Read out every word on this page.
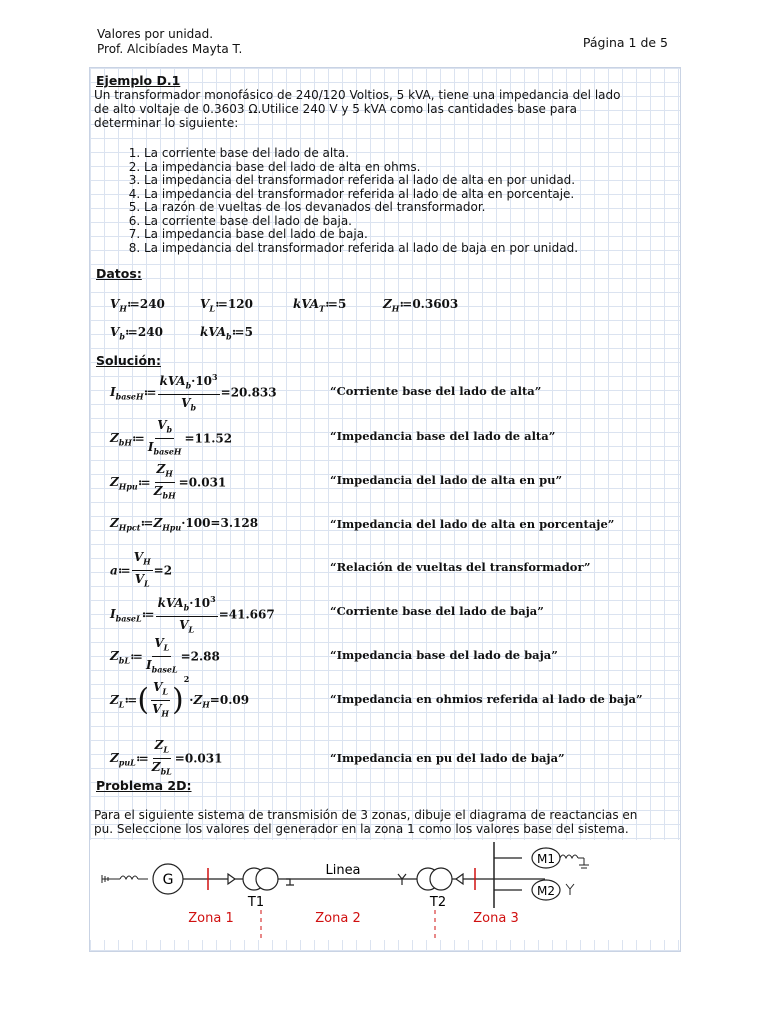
Valores por unidad.
Prof. Alcibíades Mayta T.	Página 1 de 5
Ejemplo D.1
Un transformador monofásico de 240/120 Voltios, 5 kVA, tiene una impedancia del lado
de alto voltaje de 0.3603 Ω.Utilice 240 V y 5 kVA como las cantidades base para
determinar lo siguiente:
1. La corriente base del lado de alta.
2. La impedancia base del lado de alta en ohms.
3. La impedancia del transformador referida al lado de alta en por unidad.
4. La impedancia del transformador referida al lado de alta en porcentaje.
5. La razón de vueltas de los devanados del transformador.
6. La corriente base del lado de baja.
7. La impedancia base del lado de baja.
8. La impedancia del transformador referida al lado de baja en por unidad.
Datos:
$V_H≔240$	$V_L≔120$	kVA$_T$≔5	$Z_H≔0.3603$
$V_b≔240$	kVA$_b$≔5
Solución:
$I_{baseH}≔ \frac{kVA_b\cdot 10^3}{V_b} =20.833$	“Corriente base del lado de alta”
$Z_{bH}≔ \frac{V_b}{I_{baseH}} =11.52$	“Impedancia base del lado de alta”
$Z_{Hpu}≔ \frac{Z_H}{Z_{bH}} =0.031$	“Impedancia del lado de alta en pu”
$Z_{Hpct}≔Z_{Hpu}\cdot 100=3.128$	“Impedancia del lado de alta en porcentaje”
a≔ $\frac{V_H}{V_L} =2$	“Relación de vueltas del transformador”
$I_{baseL}≔ \frac{kVA_b\cdot 10^3}{V_L} =41.667$	“Corriente base del lado de baja”
$Z_{bL}≔ \frac{V_L}{I_{baseL}} =2.88$	“Impedancia base del lado de baja”
$Z_L≔( \frac{V_L}{V_H} )^2\cdot Z_H=0.09$	“Impedancia en ohmios referida al lado de baja”
$Z_{puL}≔ \frac{Z_L}{Z_{bL}} =0.031$	“Impedancia en pu del lado de baja”
Problema 2D:
Para el siguiente sistema de transmisión de 3 zonas, dibuje el diagrama de reactancias en
pu. Seleccione los valores del generador en la zona 1 como los valores base del sistema.
G
T1
Linea
T2
M1
M2
Zona 1	Zona 2	Zona 3
